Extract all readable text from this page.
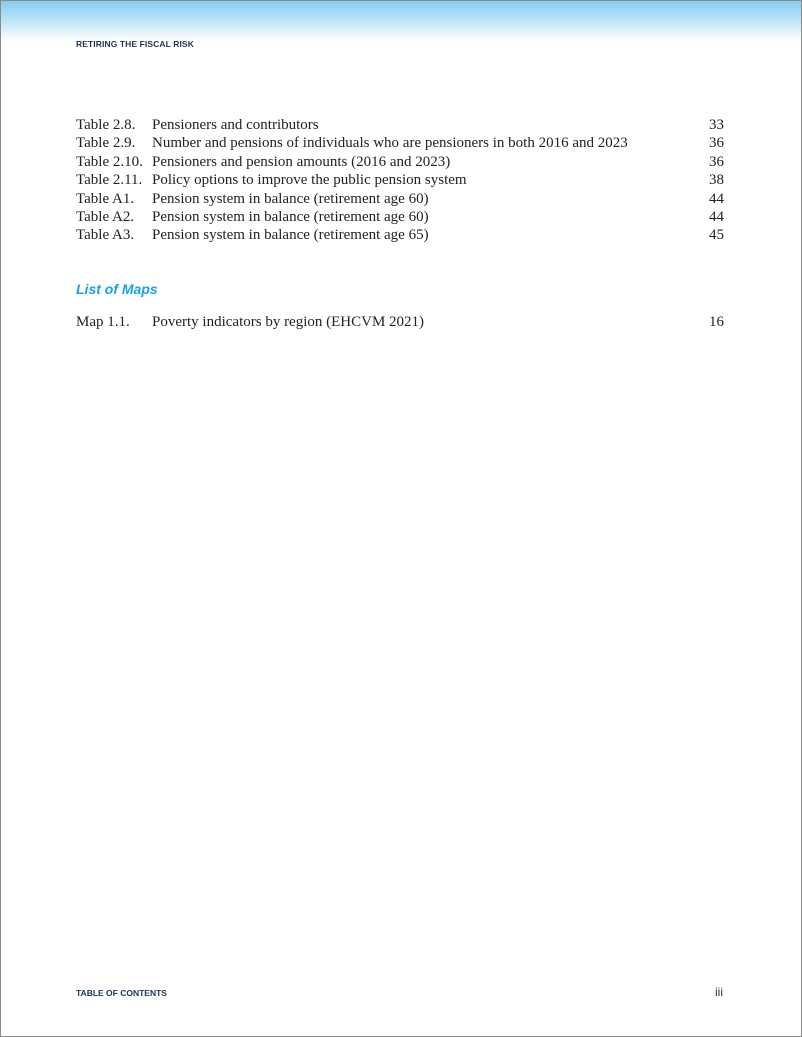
RETIRING THE FISCAL RISK
Table 2.8. Pensioners and contributors	33
Table 2.9. Number and pensions of individuals who are pensioners in both 2016 and 2023	36
Table 2.10. Pensioners and pension amounts (2016 and 2023)	36
Table 2.11. Policy options to improve the public pension system	38
Table A1. Pension system in balance (retirement age 60)	44
Table A2. Pension system in balance (retirement age 60)	44
Table A3. Pension system in balance (retirement age 65)	45
List of Maps
Map 1.1. Poverty indicators by region (EHCVM 2021)	16
TABLE OF CONTENTS	iii
